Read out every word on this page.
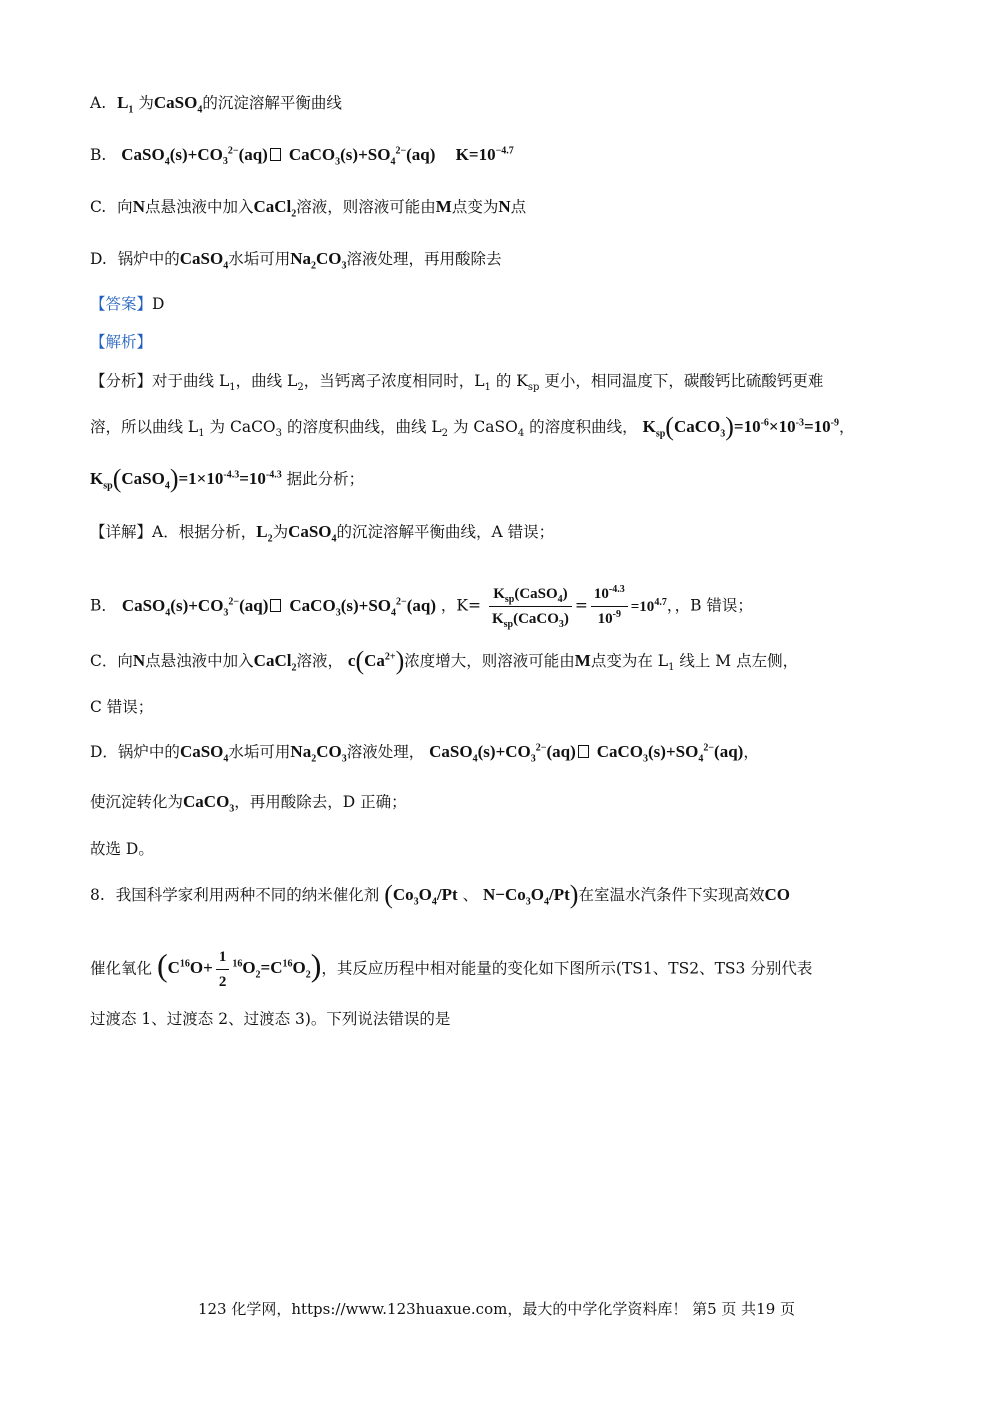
A. $L_1$ 为CaSO$_4$的沉淀溶解平衡曲线
B. $CaSO_4(s)+CO_3^{2-}(aq)$ $CaCO_3(s)+SO_4^{2-}(aq)$ $K=10^{-4.7}$
C. 向N点悬浊液中加入CaCl$_2$溶液，则溶液可能由M点变为N点
D. 锅炉中的CaSO$_4$水垢可用$Na_2CO_3$溶液处理，再用酸除去
【答案】D
【解析】
【分析】对于曲线 $L_1$，曲线 $L_2$，当钙离子浓度相同时，$L_1$ 的 $K_{sp}$ 更小，相同温度下，碳酸钙比硫酸钙更难
溶，所以曲线 $L_1$ 为 CaCO$_3$ 的溶度积曲线，曲线 $L_2$ 为 CaSO$_4$ 的溶度积曲线， $K_{sp}(CaCO_3)=10^{-6}\times 10^{-3}=10^{-9}$，
$K_{sp}(CaSO_4)=1\times 10^{-4.3}=10^{-4.3}$ 据此分析；
【详解】A．根据分析，$L_2$为CaSO$_4$的沉淀溶解平衡曲线，A 错误；
B． $CaSO_4(s)+CO_3^{2-}(aq)$ $CaCO_3(s)+SO_4^{2-}(aq)$ ，$K= \frac{K_{sp}(CaSO_4)}{K_{sp}(CaCO_3)} = \frac{10^{-4.3}}{10^{-9}} =10^{4.7}$，，B 错误；
C．向N点悬浊液中加入CaCl$_2$溶液， $c(Ca^{2+})$浓度增大，则溶液可能由M点变为在 $L_1$ 线上 M 点左侧，
C 错误；
D．锅炉中的CaSO$_4$水垢可用$Na_2CO_3$溶液处理， $CaSO_4(s)+CO_3^{2-}(aq)$ $CaCO_3(s)+SO_4^{2-}(aq)$，
使沉淀转化为CaCO$_3$，再用酸除去，D 正确；
故选 D。
8. 我国科学家利用两种不同的纳米催化剂 ($Co_3O_4/Pt$ 、 $N-Co_3O_4/Pt$)在室温水汽条件下实现高效CO
催化氧化 $(C^{16}O+ \frac{1}{2} ^{16}O_2=C^{16}O_2)$，其反应历程中相对能量的变化如下图所示(TS1、TS2、TS3 分别代表
过渡态 1、过渡态 2、过渡态 3)。下列说法错误的是
123 化学网，https://www.123huaxue.com，最大的中学化学资料库！ 第5 页 共19 页
